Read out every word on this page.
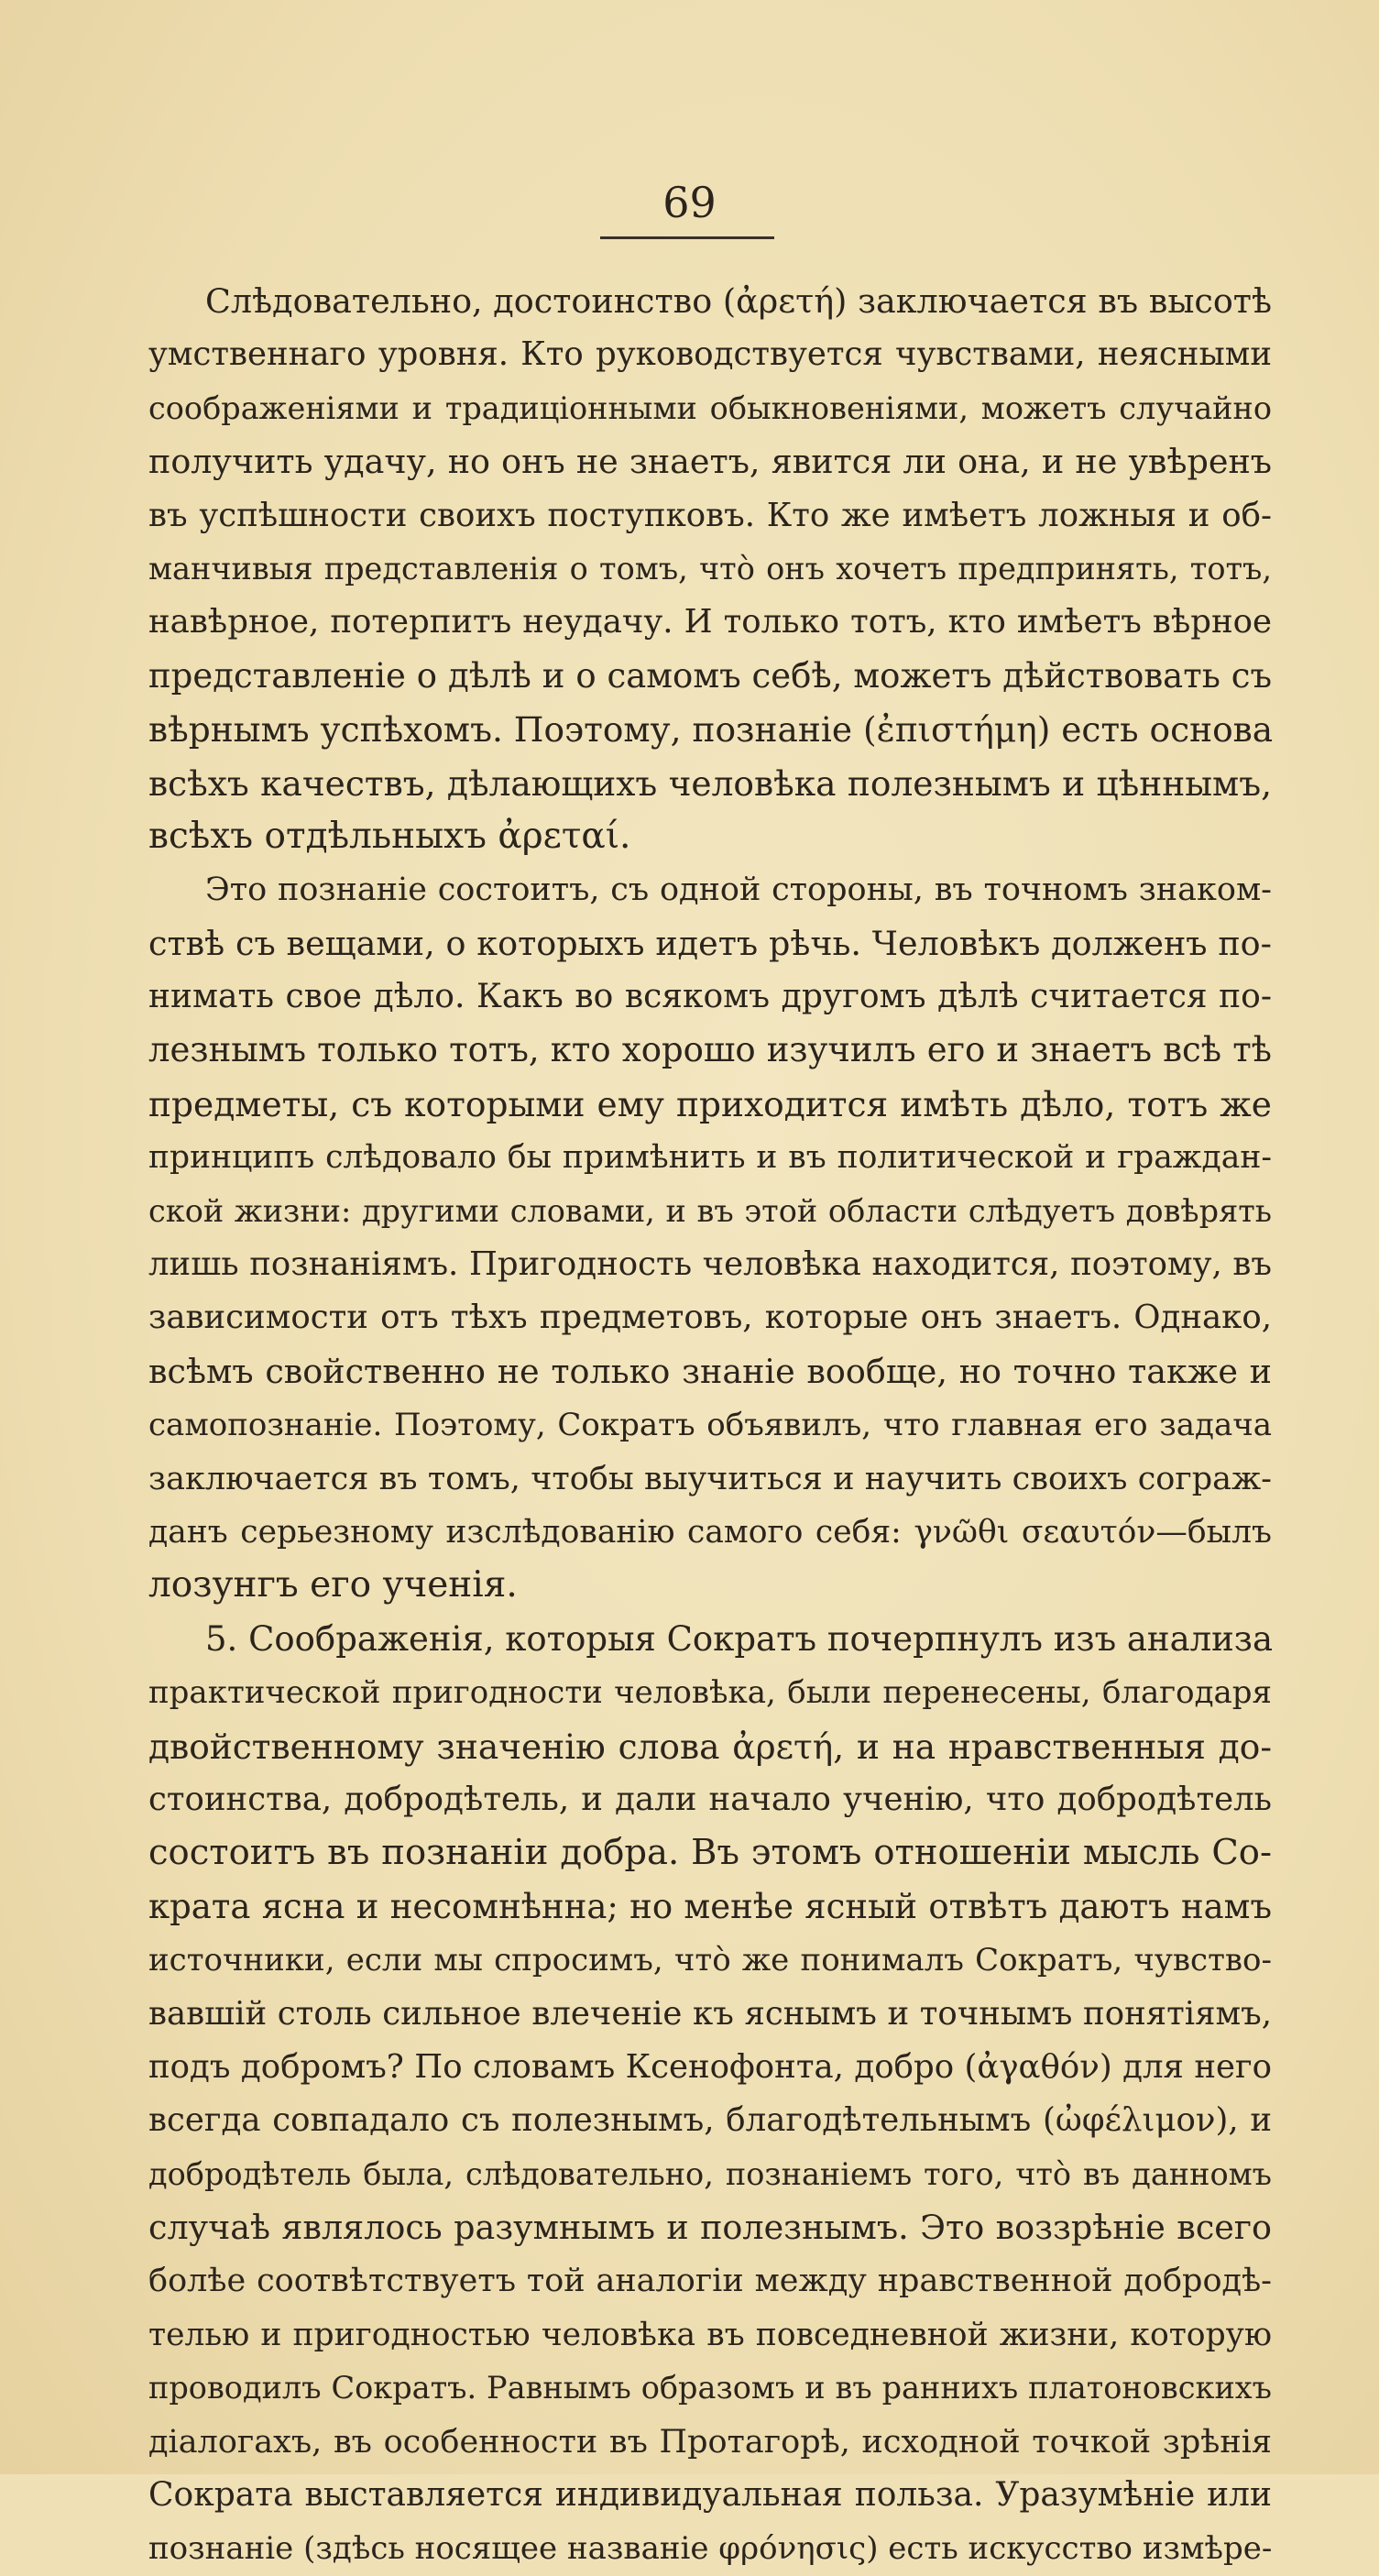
69
Слѣдовательно, достоинство (ἀρετή) заключается въ высотѣ
умственнаго уровня. Кто руководствуется чувствами, неясными
соображеніями и традиціонными обыкновеніями, можетъ случайно
получить удачу, но онъ не знаетъ, явится ли она, и не увѣренъ
въ успѣшности своихъ поступковъ. Кто же имѣетъ ложныя и об-
манчивыя представленія о томъ, что̀ онъ хочетъ предпринять, тотъ,
навѣрное, потерпитъ неудачу. И только тотъ, кто имѣетъ вѣрное
представленіе о дѣлѣ и о самомъ себѣ, можетъ дѣйствовать съ
вѣрнымъ успѣхомъ. Поэтому, познаніе (ἐπιστήμη) есть основа
всѣхъ качествъ, дѣлающихъ человѣка полезнымъ и цѣннымъ,
всѣхъ отдѣльныхъ ἀρεταί.
Это познаніе состоитъ, съ одной стороны, въ точномъ знаком-
ствѣ съ вещами, о которыхъ идетъ рѣчь. Человѣкъ долженъ по-
нимать свое дѣло. Какъ во всякомъ другомъ дѣлѣ считается по-
лезнымъ только тотъ, кто хорошо изучилъ его и знаетъ всѣ тѣ
предметы, съ которыми ему приходится имѣть дѣло, тотъ же
принципъ слѣдовало бы примѣнить и въ политической и граждан-
ской жизни: другими словами, и въ этой области слѣдуетъ довѣрять
лишь познаніямъ. Пригодность человѣка находится, поэтому, въ
зависимости отъ тѣхъ предметовъ, которые онъ знаетъ. Однако,
всѣмъ свойственно не только знаніе вообще, но точно также и
самопознаніе. Поэтому, Сократъ объявилъ, что главная его задача
заключается въ томъ, чтобы выучиться и научить своихъ сограж-
данъ серьезному изслѣдованію самого себя: γνῶθι σεαυτόν—былъ
лозунгъ его ученія.
5. Соображенія, которыя Сократъ почерпнулъ изъ анализа
практической пригодности человѣка, были перенесены, благодаря
двойственному значенію слова ἀρετή, и на нравственныя до-
стоинства, добродѣтель, и дали начало ученію, что добродѣтель
состоитъ въ познаніи добра. Въ этомъ отношеніи мысль Со-
крата ясна и несомнѣнна; но менѣе ясный отвѣтъ даютъ намъ
источники, если мы спросимъ, что̀ же понималъ Сократъ, чувство-
вавшій столь сильное влеченіе къ яснымъ и точнымъ понятіямъ,
подъ добромъ? По словамъ Ксенофонта, добро (ἀγαθόν) для него
всегда совпадало съ полезнымъ, благодѣтельнымъ (ὠφέλιμον), и
добродѣтель была, слѣдовательно, познаніемъ того, что̀ въ данномъ
случаѣ являлось разумнымъ и полезнымъ. Это воззрѣніе всего
болѣе соотвѣтствуетъ той аналогіи между нравственной добродѣ-
телью и пригодностью человѣка въ повседневной жизни, которую
проводилъ Сократъ. Равнымъ образомъ и въ раннихъ платоновскихъ
діалогахъ, въ особенности въ Протагорѣ, исходной точкой зрѣнія
Сократа выставляется индивидуальная польза. Уразумѣніе или
познаніе (здѣсь носящее названіе φρόνησις) есть искусство измѣре-
